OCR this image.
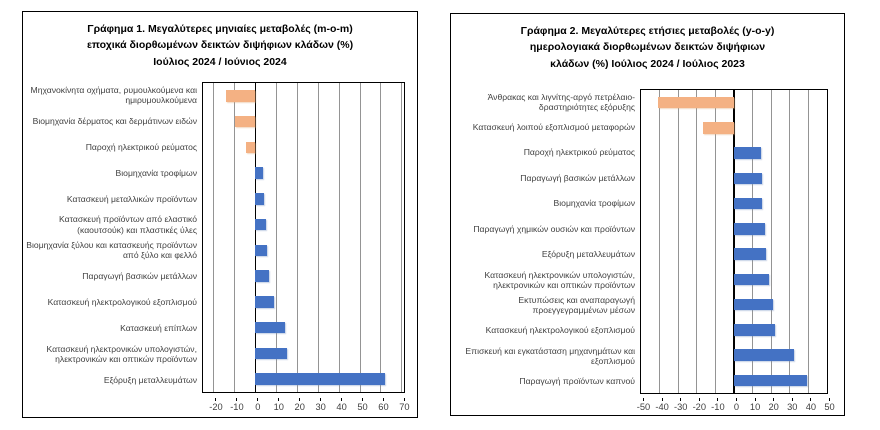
Γράφημα 1. Μεγαλύτερες μηνιαίες μεταβολές (m-o-m)
εποχικά διορθωμένων δεικτών διψήφιων κλάδων (%)
Ιούλιος 2024 / Ιούνιος 2024
Μηχανοκίνητα οχήματα, ρυμουλκούμενα και ημιρυμουλκούμενα
Βιομηχανία δέρματος και δερμάτινων ειδών
Παροχή ηλεκτρικού ρεύματος
Βιομηχανία τροφίμων
Κατασκευή μεταλλικών προϊόντων
Κατασκευή προϊόντων από ελαστικό (καουτσούκ) και πλαστικές ύλες
Βιομηχανία ξύλου και κατασκευής προϊόντων από ξύλο και φελλό
Παραγωγή βασικών μετάλλων
Κατασκευή ηλεκτρολογικού εξοπλισμού
Κατασκευή επίπλων
Κατασκευή ηλεκτρονικών υπολογιστών, ηλεκτρονικών και οπτικών προϊόντων
Εξόρυξη μεταλλευμάτων
-20 -10 0 10 20 30 40 50 60 70
Γράφημα 2. Μεγαλύτερες ετήσιες μεταβολές (y-o-y)
ημερολογιακά διορθωμένων δεικτών διψήφιων
κλάδων (%) Ιούλιος 2024 / Ιούλιος 2023
Άνθρακας και λιγνίτης-αργό πετρέλαιο-δραστηριότητες εξόρυξης
Κατασκευή λοιπού εξοπλισμού μεταφορών
Παροχή ηλεκτρικού ρεύματος
Παραγωγή βασικών μετάλλων
Βιομηχανία τροφίμων
Παραγωγή χημικών ουσιών και προϊόντων
Εξόρυξη μεταλλευμάτων
Κατασκευή ηλεκτρονικών υπολογιστών, ηλεκτρονικών και οπτικών προϊόντων
Εκτυπώσεις και αναπαραγωγή προεγγεγραμμένων μέσων
Κατασκευή ηλεκτρολογικού εξοπλισμού
Επισκευή και εγκατάσταση μηχανημάτων και εξοπλισμού
Παραγωγή προϊόντων καπνού
-50 -40 -30 -20 -10 0 10 20 30 40 50
